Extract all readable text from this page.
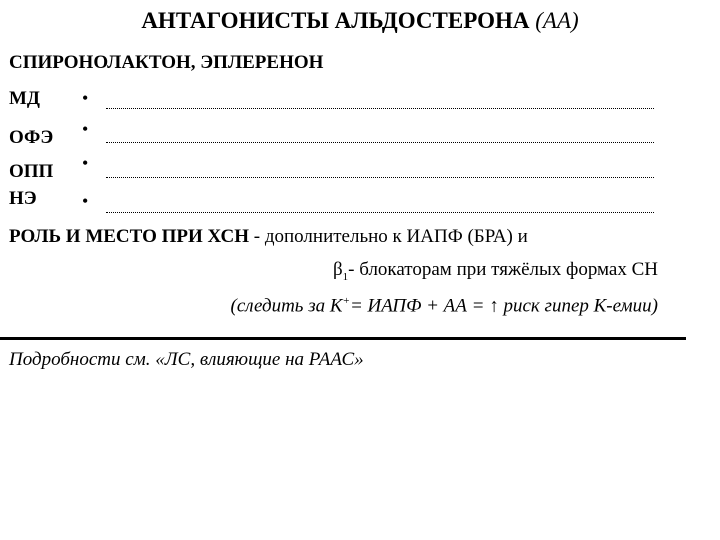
АНТАГОНИСТЫ АЛЬДОСТЕРОНА (АА)
СПИРОНОЛАКТОН, ЭПЛЕРЕНОН
МД •
ОФЭ •
ОПП •
НЭ	•
РОЛЬ И МЕСТО ПРИ ХСН - дополнительно к ИАПФ (БРА) и
$\beta_1-$ блокаторам при тяжёлых формах СН
(следить за К+= ИАПФ + АА = ↑ риск гипер К-емии)
Подробности см. «ЛС, влияющие на РААС»
